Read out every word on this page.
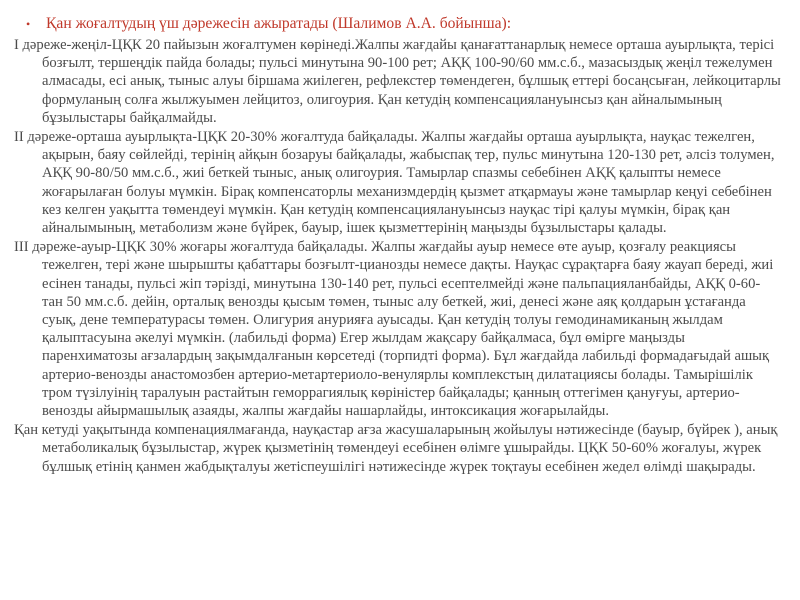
•	Қан жоғалтудың үш дәрежесін ажыратады (Шалимов А.А. бойынша):

І дәреже-жеңіл-ЦҚК 20 пайызын жоғалтумен көрінеді.Жалпы жағдайы қанағаттанарлық немесе орташа ауырлықта, терісі бозғылт, тершеңдік пайда болады; пульсі минутына 90-100 рет; АҚҚ 100-90/60 мм.с.б., мазасыздық жеңіл тежелумен алмасады, есі анық, тыныс алуы біршама жиілеген, рефлекстер төмендеген, бұлшық еттері босаңсыған, лейкоцитарлы формуланың солға жылжуымен лейцитоз, олигоурия. Қан кетудің компенсациялануынсыз қан айналымының бұзылыстары байқалмайды.

ІІ дәреже-орташа ауырлықта-ЦҚК 20-30% жоғалтуда байқалады. Жалпы жағдайы орташа ауырлықта, науқас тежелген, ақырын, баяу сөйлейді, терінің айқын бозаруы байқалады, жабыспақ тер, пульс минутына 120-130 рет, әлсіз толумен, АҚҚ 90-80/50 мм.с.б., жиі беткей тыныс, анық олигоурия. Тамырлар спазмы себебінен АҚҚ қалыпты немесе жоғарылаған болуы мүмкін. Бірақ компенсаторлы механизмдердің қызмет атқармауы және тамырлар кеңуі себебінен кез келген уақытта төмендеуі мүмкін. Қан кетудің компенсациялануынсыз науқас тірі қалуы мүмкін, бірақ қан айналымының, метаболизм және бүйрек, бауыр, ішек қызметтерінің маңызды бұзылыстары қалады.

ІІІ дәреже-ауыр-ЦҚК 30% жоғары жоғалтуда байқалады. Жалпы жағдайы ауыр немесе өте ауыр, қозғалу реакциясы тежелген, тері және шырышты қабаттары бозғылт-цианозды немесе дақты. Науқас сұрақтарға баяу жауап береді, жиі есінен танады, пульсі жіп тәрізді, минутына 130-140 рет, пульсі есептелмейді және пальпацияланбайды, АҚҚ 0-60- тан 50 мм.с.б. дейін, орталық венозды қысым төмен, тыныс алу беткей, жиі, денесі және аяқ қолдарын ұстағанда суық, дене температурасы төмен. Олигурия анурияға ауысады. Қан кетудің толуы гемодинамиканың жылдам қалыптасуына әкелуі мүмкін. (лабильді форма) Егер жылдам жақсару байқалмаса, бұл өмірге маңызды паренхиматозы ағзалардың зақымдалғанын көрсетеді (торпидті форма). Бұл жағдайда лабильді формадағыдай ашық артерио-венозды анастомозбен артерио-метартериоло-венулярлы комплекстың дилатациясы болады. Тамырішілік тром түзілуінің таралуын растайтын геморрагиялық көріністер байқалады; қанның оттегімен қануғуы, артерио-венозды айырмашылық азаяды, жалпы жағдайы нашарлайды, интоксикация жоғарылайды.

Қан кетуді уақытында компенациялмағанда, науқастар ағза жасушаларының жойылуы нәтижесінде (бауыр, бүйрек ), анық метаболикалық бұзылыстар, жүрек қызметінің төмендеуі есебінен өлімге ұшырайды. ЦҚК 50-60% жоғалуы, жүрек бұлшық етінің қанмен жабдықталуы жетіспеушілігі нәтижесінде жүрек тоқтауы есебінен жедел өлімді шақырады.
